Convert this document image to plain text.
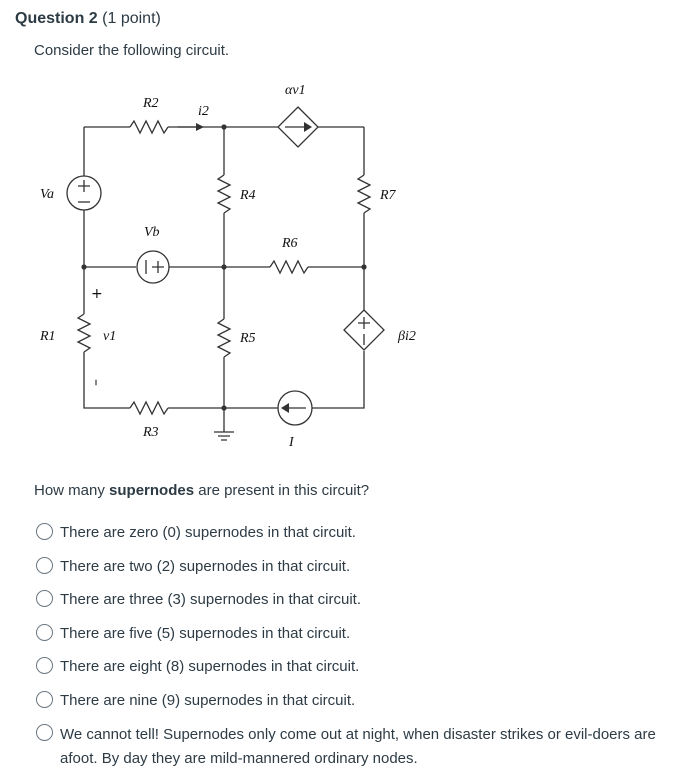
Question 2 (1 point)
Consider the following circuit.
Va
R2
i2
αv1
R4	R7
Vb
R6
+
R1	v1	R5	βi2
–
R3
I
How many supernodes are present in this circuit?
There are zero (0) supernodes in that circuit.
There are two (2) supernodes in that circuit.
There are three (3) supernodes in that circuit.
There are five (5) supernodes in that circuit.
There are eight (8) supernodes in that circuit.
There are nine (9) supernodes in that circuit.
We cannot tell! Supernodes only come out at night, when disaster strikes or evil-doers are afoot. By day they are mild-mannered ordinary nodes.
